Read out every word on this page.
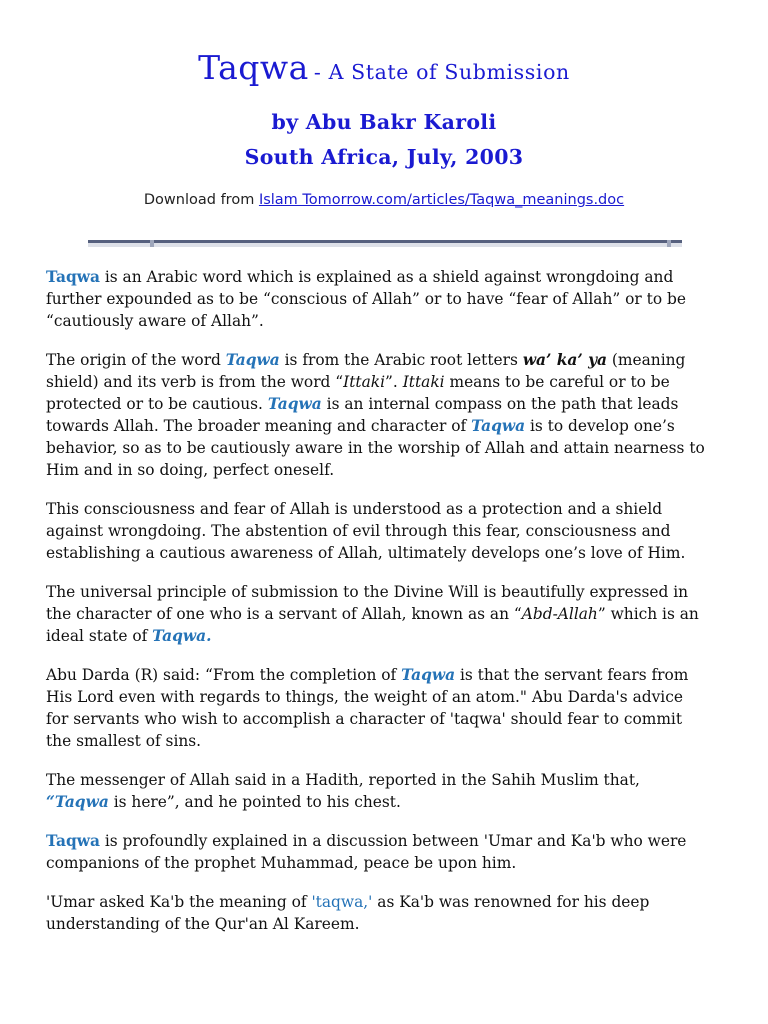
Taqwa - A State of Submission
by Abu Bakr Karoli
South Africa, July, 2003
Download from Islam Tomorrow.com/articles/Taqwa_meanings.doc

Taqwa is an Arabic word which is explained as a shield against wrongdoing and
further expounded as to be “conscious of Allah” or to have “fear of Allah” or to be
“cautiously aware of Allah”.

The origin of the word Taqwa is from the Arabic root letters wa’ ka’ ya (meaning
shield) and its verb is from the word “Ittaki”. Ittaki means to be careful or to be
protected or to be cautious. Taqwa is an internal compass on the path that leads
towards Allah. The broader meaning and character of Taqwa is to develop one’s
behavior, so as to be cautiously aware in the worship of Allah and attain nearness to
Him and in so doing, perfect oneself.

This consciousness and fear of Allah is understood as a protection and a shield
against wrongdoing. The abstention of evil through this fear, consciousness and
establishing a cautious awareness of Allah, ultimately develops one’s love of Him.

The universal principle of submission to the Divine Will is beautifully expressed in
the character of one who is a servant of Allah, known as an “Abd-Allah” which is an
ideal state of Taqwa.

Abu Darda (R) said: “From the completion of Taqwa is that the servant fears from
His Lord even with regards to things, the weight of an atom." Abu Darda's advice
for servants who wish to accomplish a character of 'taqwa' should fear to commit
the smallest of sins.

The messenger of Allah said in a Hadith, reported in the Sahih Muslim that,
“Taqwa is here”, and he pointed to his chest.

Taqwa is profoundly explained in a discussion between 'Umar and Ka'b who were
companions of the prophet Muhammad, peace be upon him.

'Umar asked Ka'b the meaning of 'taqwa,' as Ka'b was renowned for his deep
understanding of the Qur'an Al Kareem.
